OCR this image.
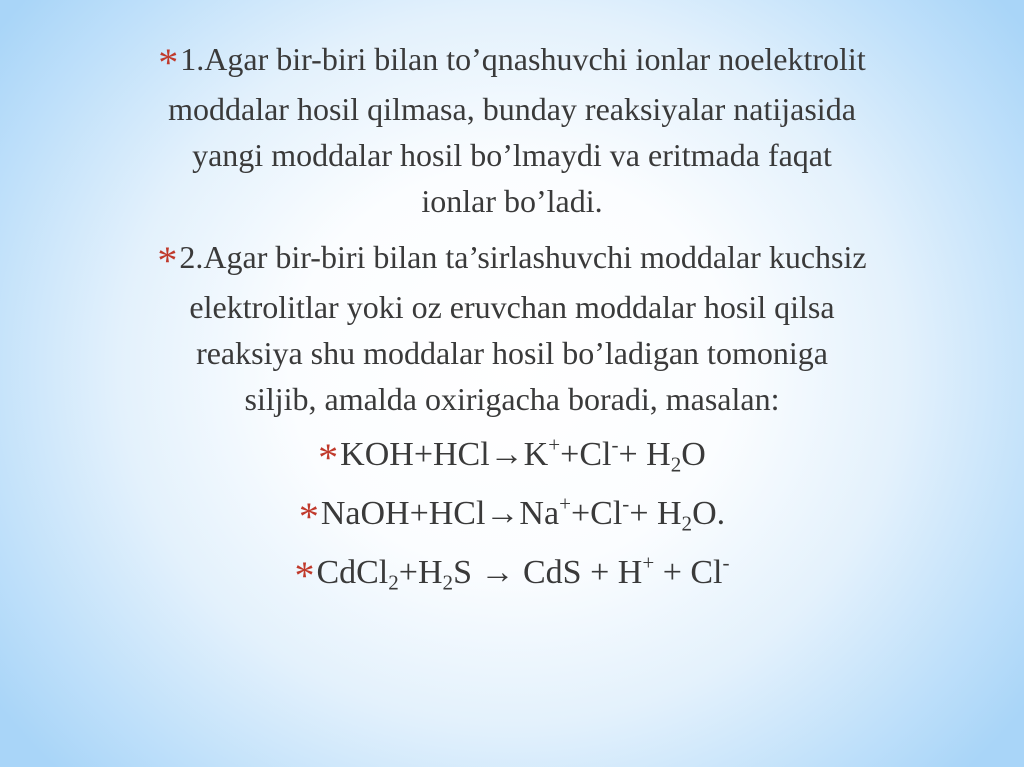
*1.Agar bir-biri bilan to’qnashuvchi ionlar noelektrolit
moddalar hosil qilmasa, bunday reaksiyalar natijasida
yangi moddalar hosil bo’lmaydi va eritmada faqat
ionlar bo’ladi.

*2.Agar bir-biri bilan ta’sirlashuvchi moddalar kuchsiz
elektrolitlar yoki oz eruvchan moddalar hosil qilsa
reaksiya shu moddalar hosil bo’ladigan tomoniga
siljib, amalda oxirigacha boradi, masalan:

$*KOH+HCl\to K^++Cl^-+ H_2O$
*NaOH+HCl→Na++Cl-+ $H_2O$.
$*CdCl_2+H_2S$ → CdS + H+ + Cl-
